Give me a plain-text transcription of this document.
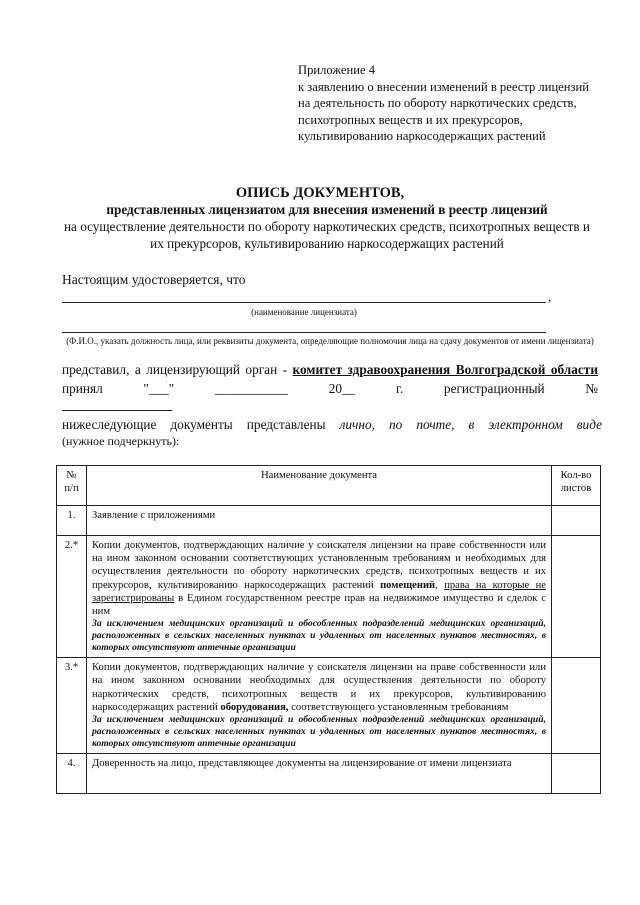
Приложение 4
к заявлению о внесении изменений в реестр лицензий на деятельность по обороту наркотических средств, психотропных веществ и их прекурсоров, культивированию наркосодержащих растений
ОПИСЬ ДОКУМЕНТОВ,
представленных лицензиатом для внесения изменений в реестр лицензий
на осуществление деятельности по обороту наркотических средств, психотропных веществ и их прекурсоров, культивированию наркосодержащих растений
Настоящим удостоверяется, что
,
(наименование лицензиата)
(Ф.И.О., указать должность лица, или реквизиты документа, определяющие полномочия лица на сдачу документов от имени лицензиата)
представил, а лицензирующий орган - комитет здравоохранения Волгоградской области принял "___" ___________ 20__ г. регистрационный №
нижеследующие документы представлены лично, по почте, в электронном виде
(нужное подчеркнуть):
№ п/п	Наименование документа	Кол-во листов
1.	Заявление с приложениями	
2.*	Копии документов, подтверждающих наличие у соискателя лицензии на праве собственности или на ином законном основании соответствующих установленным требованиям и необходимых для осуществления деятельности по обороту наркотических средств, психотропных веществ и их прекурсоров, культивированию наркосодержащих растений помещений, права на которые не зарегистрированы в Едином государственном реестре прав на недвижимое имущество и сделок с ним
За исключением медицинских организаций и обособленных подразделений медицинских организаций, расположенных в сельских населенных пунктах и удаленных от населенных пунктов местностях, в которых отсутствуют аптечные организации	

3.*	Копии документов, подтверждающих наличие у соискателя лицензии на праве собственности или на ином законном основании необходимых для осуществления деятельности по обороту наркотических средств, психотропных веществ и их прекурсоров, культивированию наркосодержащих растений оборудования, соответствующего установленным требованиям
За исключением медицинских организаций и обособленных подразделений медицинских организаций, расположенных в сельских населенных пунктах и удаленных от населенных пунктов местностях, в которых отсутствуют аптечные организации	

4.	Доверенность на лицо, представляющее документы на лицензирование от имени лицензиата	
